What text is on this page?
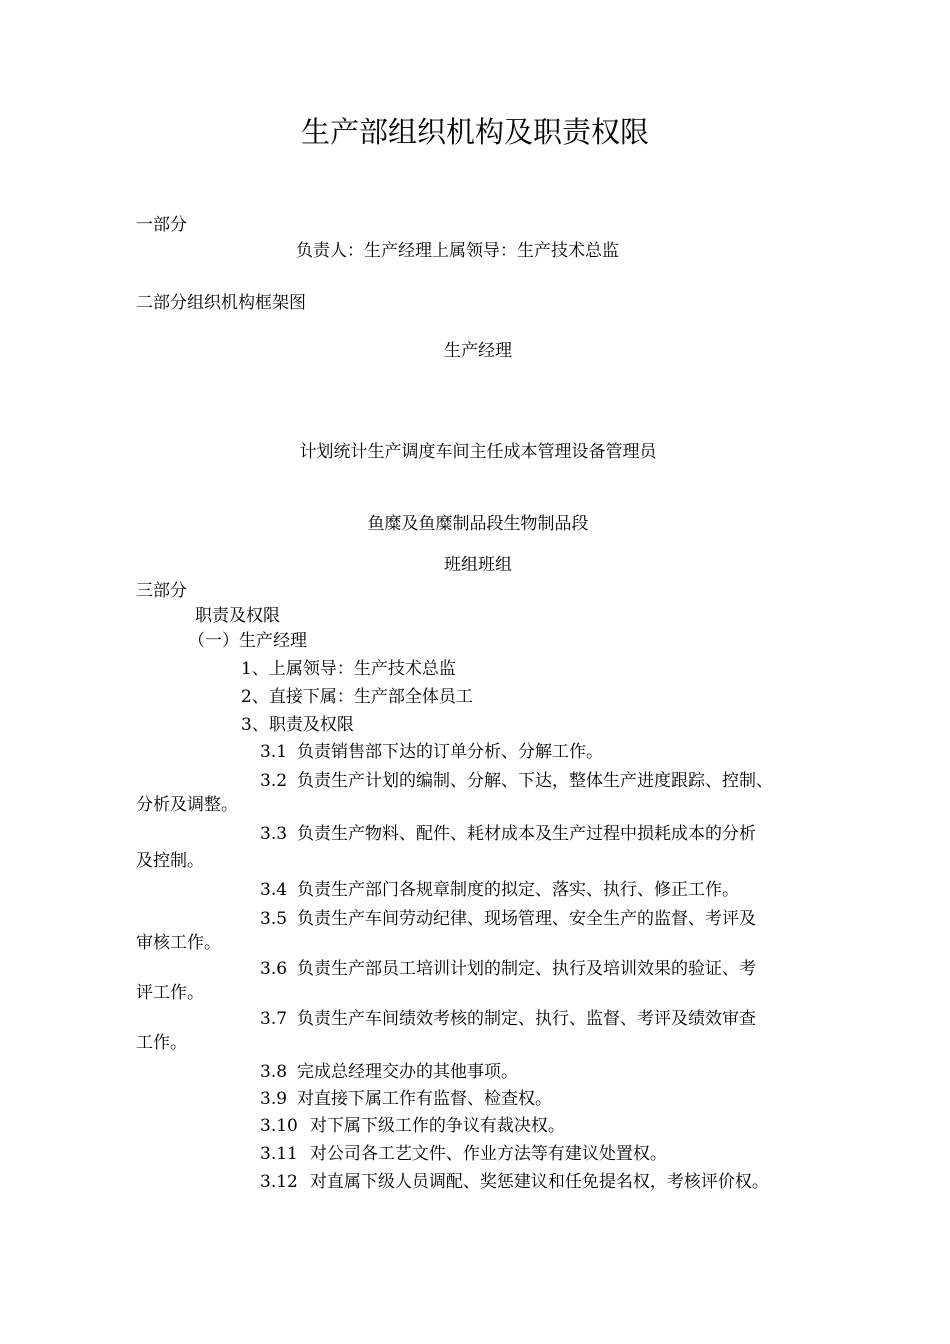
生产部组织机构及职责权限

一部分

负责人：生产经理上属领导：生产技术总监

二部分组织机构框架图

生产经理

计划统计生产调度车间主任成本管理设备管理员

鱼糜及鱼糜制品段生物制品段

班组班组

三部分

职责及权限

（一）生产经理

1、上属领导：生产技术总监

2、直接下属：生产部全体员工

3、职责及权限

3.1 负责销售部下达的订单分析、分解工作。

3.2 负责生产计划的编制、分解、下达，整体生产进度跟踪、控制、

分析及调整。

3.3 负责生产物料、配件、耗材成本及生产过程中损耗成本的分析

及控制。

3.4 负责生产部门各规章制度的拟定、落实、执行、修正工作。

3.5 负责生产车间劳动纪律、现场管理、安全生产的监督、考评及

审核工作。

3.6 负责生产部员工培训计划的制定、执行及培训效果的验证、考

评工作。

3.7 负责生产车间绩效考核的制定、执行、监督、考评及绩效审查

工作。

3.8 完成总经理交办的其他事项。

3.9 对直接下属工作有监督、检查权。

3.10 对下属下级工作的争议有裁决权。

3.11 对公司各工艺文件、作业方法等有建议处置权。

3.12 对直属下级人员调配、奖惩建议和任免提名权，考核评价权。
